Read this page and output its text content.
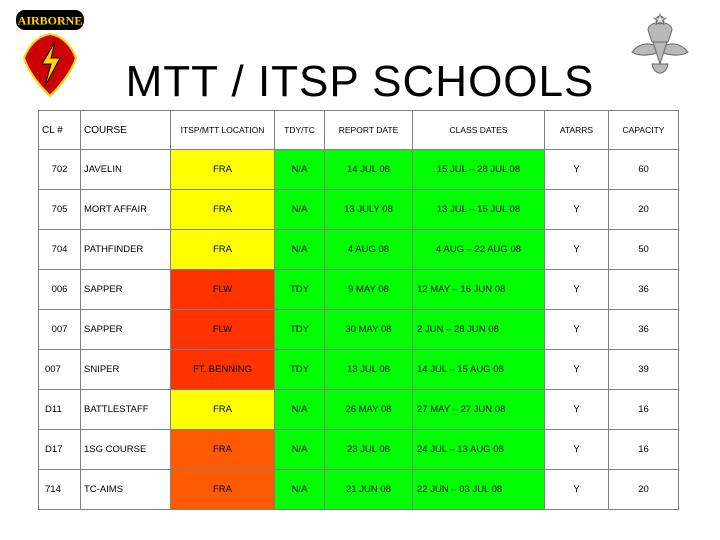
AIRBORNE
MTT / ITSP SCHOOLS
CL #	COURSE	ITSP/MTT LOCATION	TDY/TC	REPORT DATE	CLASS DATES	ATARRS	CAPACITY
702	JAVELIN	FRA	N/A	14 JUL 08	15 JUL – 28 JUL 08	Y	60
705	MORT AFFAIR	FRA	N/A	13 JULY 08	13 JUL – 15 JUL 08	Y	20
704	PATHFINDER	FRA	N/A	4 AUG 08	4 AUG – 22 AUG 08	Y	50
006	SAPPER	FLW	TDY	9 MAY 08	12 MAY – 16 JUN 08	Y	36
007	SAPPER	FLW	TDY	30 MAY 08	2 JUN – 28 JUN 08	Y	36
007	SNIPER	FT. BENNING	TDY	13 JUL 08	14 JUL – 15 AUG 08	Y	39
D11	BATTLESTAFF	FRA	N/A	26 MAY 08	27 MAY – 27 JUN 08	Y	16
D17	1SG COURSE	FRA	N/A	23 JUL 08	24 JUL – 13 AUG 08	Y	16
714	TC-AIMS	FRA	N/A	21 JUN 08	22 JUN – 03 JUL 08	Y	20
